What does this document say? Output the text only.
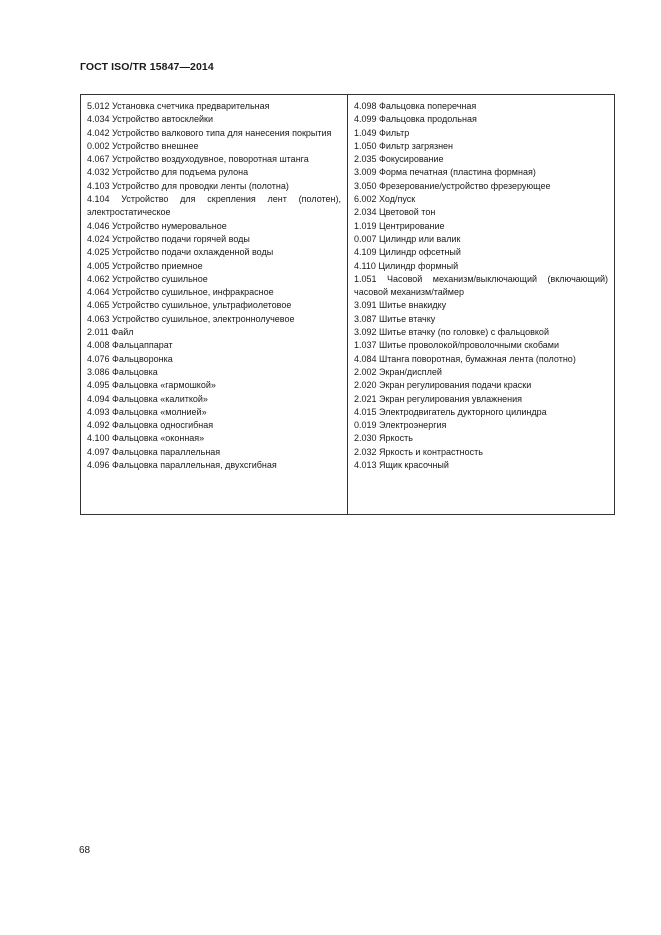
ГОСТ ISO/TR 15847—2014
5.012 Установка счетчика предварительная
4.034 Устройство автосклейки
4.042 Устройство валкового типа для нанесения покрытия
0.002 Устройство внешнее
4.067 Устройство воздуходувное, поворотная штанга
4.032 Устройство для подъема рулона
4.103 Устройство для проводки ленты (полотна)
4.104 Устройство для скрепления лент (полотен), электростатическое
4.046 Устройство нумеровальное
4.024 Устройство подачи горячей воды
4.025 Устройство подачи охлажденной воды
4.005 Устройство приемное
4.062 Устройство сушильное
4.064 Устройство сушильное, инфракрасное
4.065 Устройство сушильное, ультрафиолетовое
4.063 Устройство сушильное, электроннолучевое
2.011 Файл
4.008 Фальцаппарат
4.076 Фальцворонка
3.086 Фальцовка
4.095 Фальцовка «гармошкой»
4.094 Фальцовка «калиткой»
4.093 Фальцовка «молнией»
4.092 Фальцовка односгибная
4.100 Фальцовка «оконная»
4.097 Фальцовка параллельная
4.096 Фальцовка параллельная, двухсгибная
4.098 Фальцовка поперечная
4.099 Фальцовка продольная
1.049 Фильтр
1.050 Фильтр загрязнен
2.035 Фокусирование
3.009 Форма печатная (пластина формная)
3.050 Фрезерование/устройство фрезерующее
6.002 Ход/пуск
2.034 Цветовой тон
1.019 Центрирование
0.007 Цилиндр или валик
4.109 Цилиндр офсетный
4.110 Цилиндр формный
1.051 Часовой механизм/выключающий (включающий) часовой механизм/таймер
3.091 Шитье внакидку
3.087 Шитье втачку
3.092 Шитье втачку (по головке) с фальцовкой
1.037 Шитье проволокой/проволочными скобами
4.084 Штанга поворотная, бумажная лента (полотно)
2.002 Экран/дисплей
2.020 Экран регулирования подачи краски
2.021 Экран регулирования увлажнения
4.015 Электродвигатель дукторного цилиндра
0.019 Электроэнергия
2.030 Яркость
2.032 Яркость и контрастность
4.013 Ящик красочный
68
